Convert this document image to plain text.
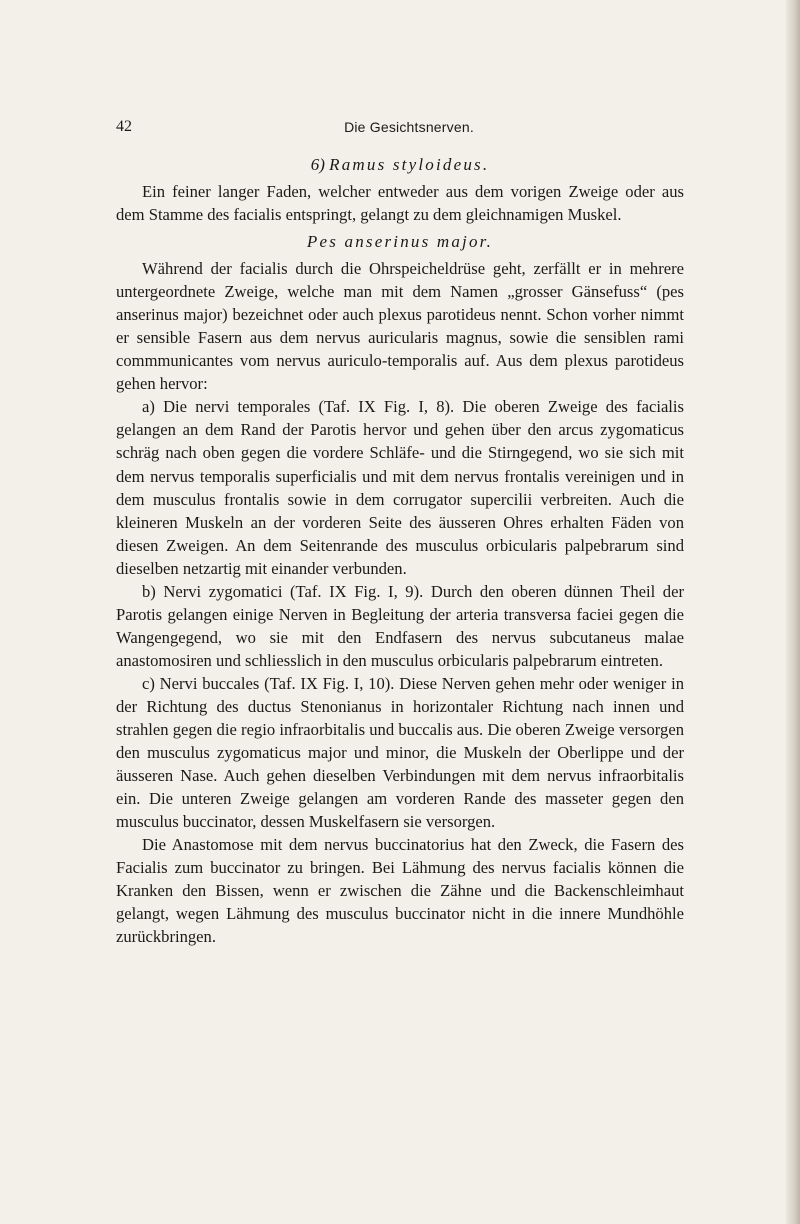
42	Die Gesichtsnerven.

6) Ramus styloideus.

Ein feiner langer Faden, welcher entweder aus dem vorigen Zweige oder aus dem Stamme des facialis entspringt, gelangt zu dem gleichnamigen Muskel.

Pes anserinus major.

Während der facialis durch die Ohrspeicheldrüse geht, zerfällt er in mehrere untergeordnete Zweige, welche man mit dem Namen „grosser Gänsefuss“ (pes anserinus major) bezeichnet oder auch plexus parotideus nennt. Schon vorher nimmt er sensible Fasern aus dem nervus auricularis magnus, sowie die sensiblen rami commmunicantes vom nervus auriculo-temporalis auf. Aus dem plexus parotideus gehen hervor:

a) Die nervi temporales (Taf. IX Fig. I, 8). Die oberen Zweige des facialis gelangen an dem Rand der Parotis hervor und gehen über den arcus zygomaticus schräg nach oben gegen die vordere Schläfe- und die Stirngegend, wo sie sich mit dem nervus temporalis superficialis und mit dem nervus frontalis vereinigen und in dem musculus frontalis sowie in dem corrugator supercilii verbreiten. Auch die kleineren Muskeln an der vorderen Seite des äusseren Ohres erhalten Fäden von diesen Zweigen. An dem Seitenrande des musculus orbicularis palpebrarum sind dieselben netzartig mit einander verbunden.

b) Nervi zygomatici (Taf. IX Fig. I, 9). Durch den oberen dünnen Theil der Parotis gelangen einige Nerven in Begleitung der arteria transversa faciei gegen die Wangengegend, wo sie mit den Endfasern des nervus subcutaneus malae anastomosiren und schliesslich in den musculus orbicularis palpebrarum eintreten.

c) Nervi buccales (Taf. IX Fig. I, 10). Diese Nerven gehen mehr oder weniger in der Richtung des ductus Stenonianus in horizontaler Richtung nach innen und strahlen gegen die regio infraorbitalis und buccalis aus. Die oberen Zweige versorgen den musculus zygomaticus major und minor, die Muskeln der Oberlippe und der äusseren Nase. Auch gehen dieselben Verbindungen mit dem nervus infraorbitalis ein. Die unteren Zweige gelangen am vorderen Rande des masseter gegen den musculus buccinator, dessen Muskelfasern sie versorgen.

Die Anastomose mit dem nervus buccinatorius hat den Zweck, die Fasern des Facialis zum buccinator zu bringen. Bei Lähmung des nervus facialis können die Kranken den Bissen, wenn er zwischen die Zähne und die Backenschleimhaut gelangt, wegen Lähmung des musculus buccinator nicht in die innere Mundhöhle zurückbringen.
